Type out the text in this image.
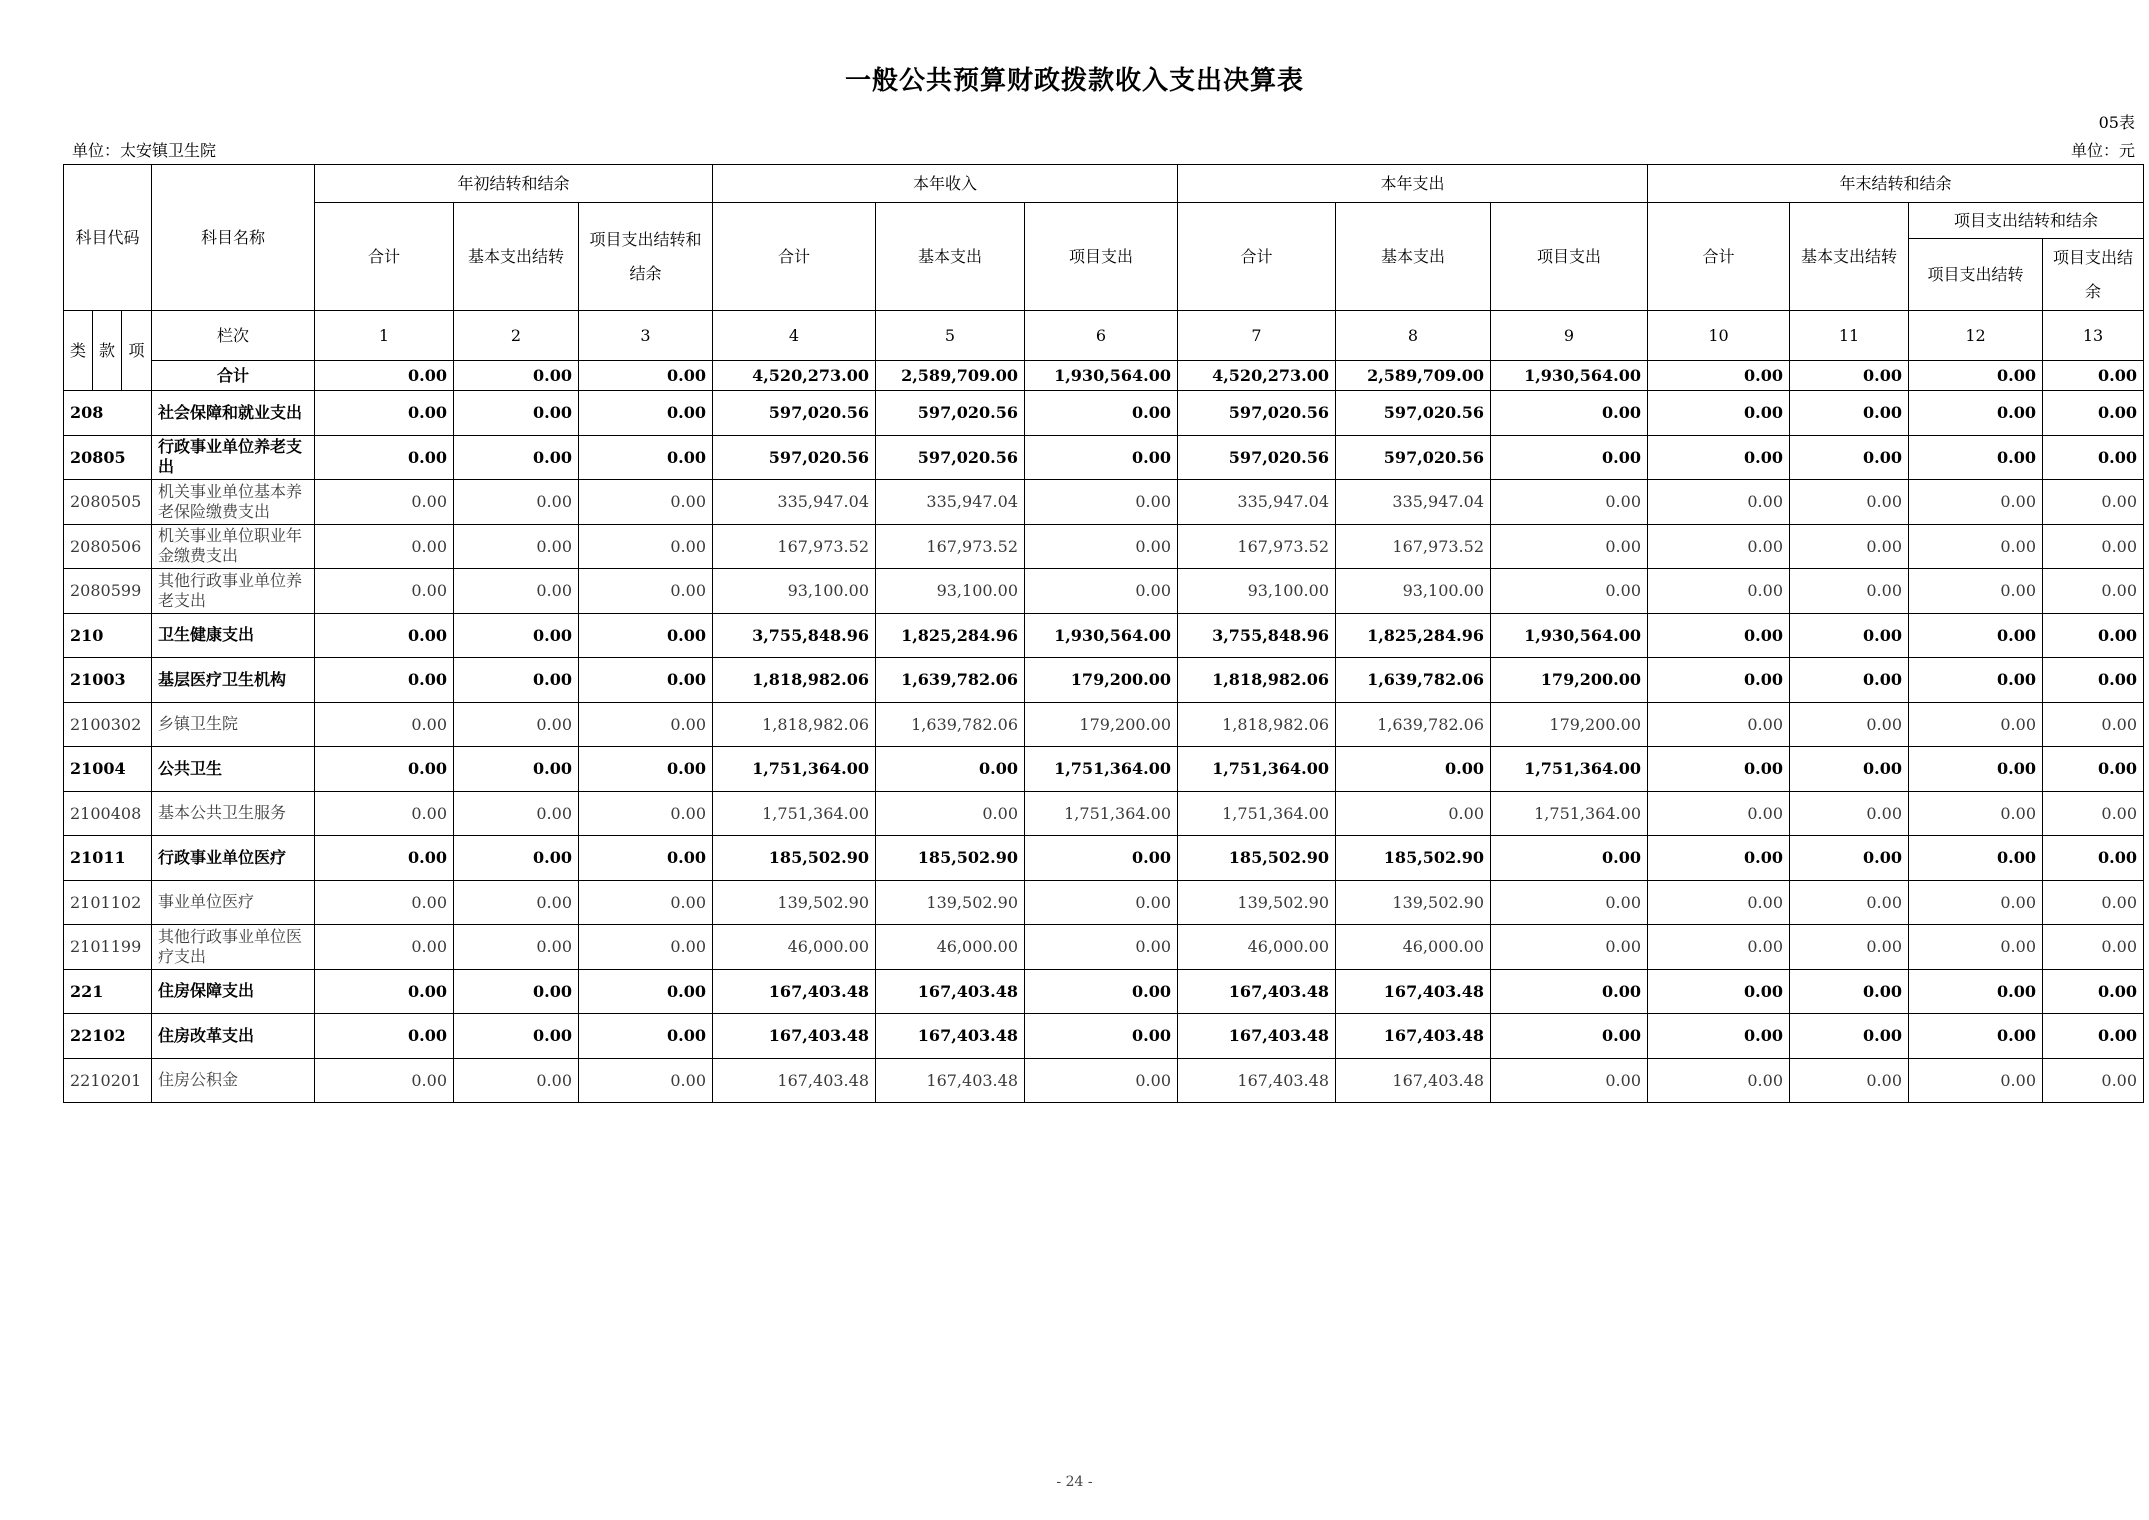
一般公共预算财政拨款收入支出决算表
05表
单位：太安镇卫生院	单位：元
科目代码			科目名称	年初结转和结余			本年收入			本年支出			年末结转和结余			
				合计	基本支出结转	项目支出结转和结余	合计	基本支出	项目支出	合计	基本支出	项目支出	合计	基本支出结转	项目支出结转和结余	
															项目支出结转	项目支出结余
类	款	项	栏次	1	2	3	4	5	6	7	8	9	10	11	12	13
			合计	0.00	0.00	0.00	4,520,273.00	2,589,709.00	1,930,564.00	4,520,273.00	2,589,709.00	1,930,564.00	0.00	0.00	0.00	0.00
208			社会保障和就业支出	0.00	0.00	0.00	597,020.56	597,020.56	0.00	597,020.56	597,020.56	0.00	0.00	0.00	0.00	0.00
20805			行政事业单位养老支出	0.00	0.00	0.00	597,020.56	597,020.56	0.00	597,020.56	597,020.56	0.00	0.00	0.00	0.00	0.00
2080505			机关事业单位基本养老保险缴费支出	0.00	0.00	0.00	335,947.04	335,947.04	0.00	335,947.04	335,947.04	0.00	0.00	0.00	0.00	0.00
2080506			机关事业单位职业年金缴费支出	0.00	0.00	0.00	167,973.52	167,973.52	0.00	167,973.52	167,973.52	0.00	0.00	0.00	0.00	0.00
2080599			其他行政事业单位养老支出	0.00	0.00	0.00	93,100.00	93,100.00	0.00	93,100.00	93,100.00	0.00	0.00	0.00	0.00	0.00
210			卫生健康支出	0.00	0.00	0.00	3,755,848.96	1,825,284.96	1,930,564.00	3,755,848.96	1,825,284.96	1,930,564.00	0.00	0.00	0.00	0.00
21003			基层医疗卫生机构	0.00	0.00	0.00	1,818,982.06	1,639,782.06	179,200.00	1,818,982.06	1,639,782.06	179,200.00	0.00	0.00	0.00	0.00
2100302			乡镇卫生院	0.00	0.00	0.00	1,818,982.06	1,639,782.06	179,200.00	1,818,982.06	1,639,782.06	179,200.00	0.00	0.00	0.00	0.00
21004			公共卫生	0.00	0.00	0.00	1,751,364.00	0.00	1,751,364.00	1,751,364.00	0.00	1,751,364.00	0.00	0.00	0.00	0.00
2100408			基本公共卫生服务	0.00	0.00	0.00	1,751,364.00	0.00	1,751,364.00	1,751,364.00	0.00	1,751,364.00	0.00	0.00	0.00	0.00
21011			行政事业单位医疗	0.00	0.00	0.00	185,502.90	185,502.90	0.00	185,502.90	185,502.90	0.00	0.00	0.00	0.00	0.00
2101102			事业单位医疗	0.00	0.00	0.00	139,502.90	139,502.90	0.00	139,502.90	139,502.90	0.00	0.00	0.00	0.00	0.00
2101199			其他行政事业单位医疗支出	0.00	0.00	0.00	46,000.00	46,000.00	0.00	46,000.00	46,000.00	0.00	0.00	0.00	0.00	0.00
221			住房保障支出	0.00	0.00	0.00	167,403.48	167,403.48	0.00	167,403.48	167,403.48	0.00	0.00	0.00	0.00	0.00
22102			住房改革支出	0.00	0.00	0.00	167,403.48	167,403.48	0.00	167,403.48	167,403.48	0.00	0.00	0.00	0.00	0.00
2210201			住房公积金	0.00	0.00	0.00	167,403.48	167,403.48	0.00	167,403.48	167,403.48	0.00	0.00	0.00	0.00	0.00
- 24 -
